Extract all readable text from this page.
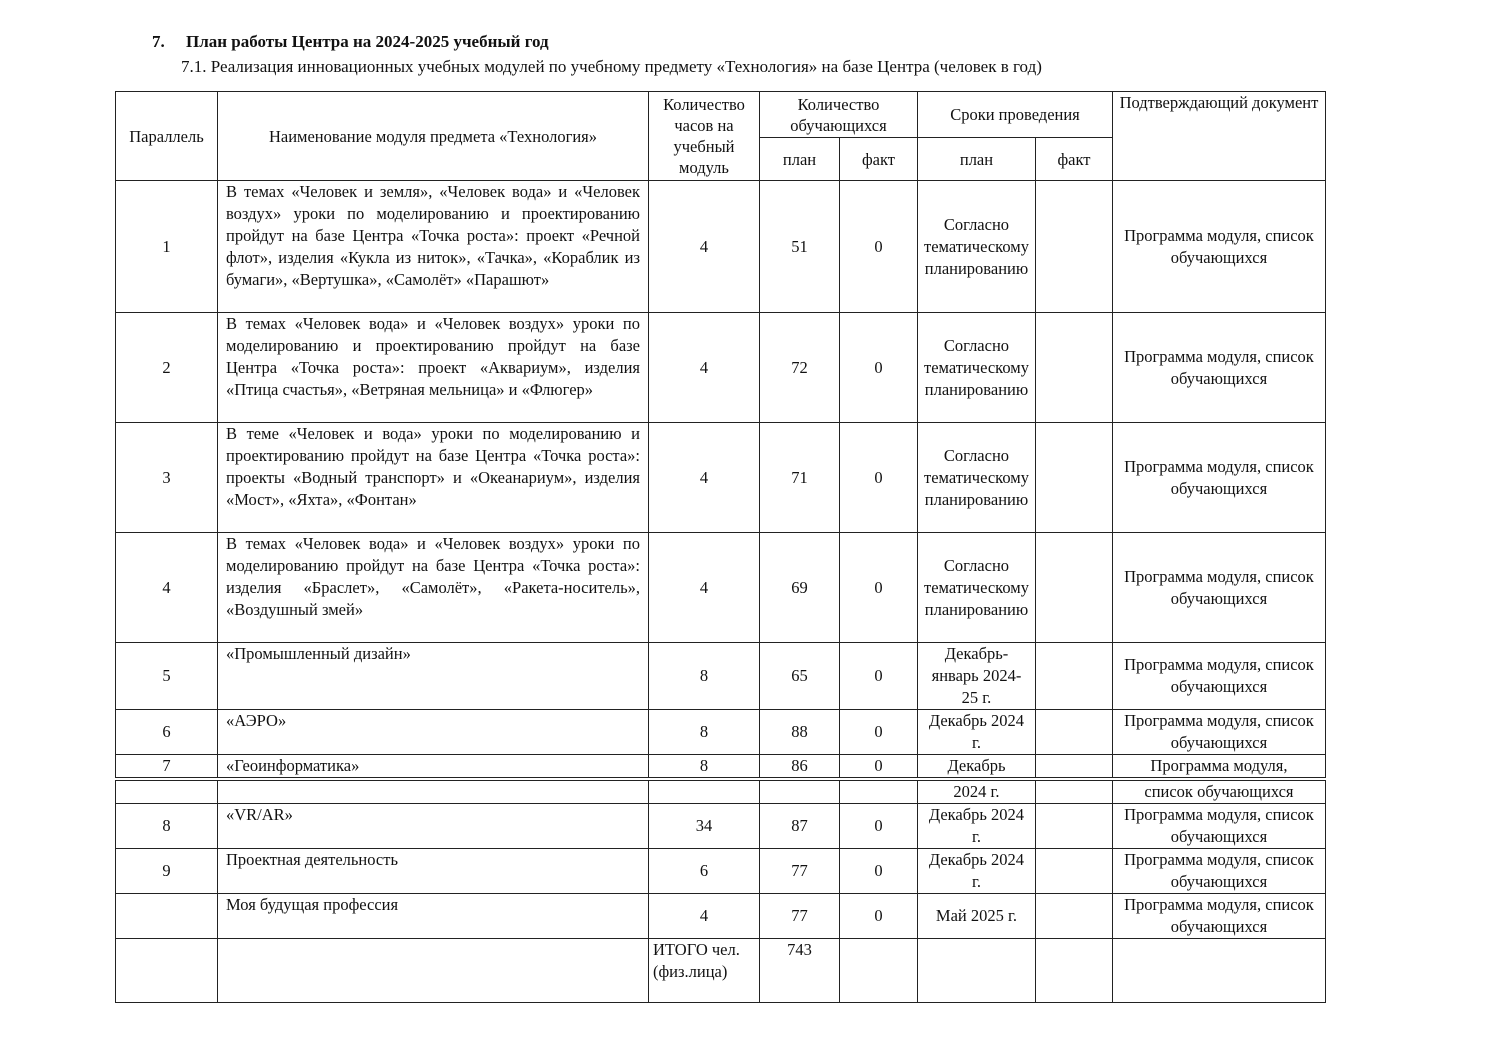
7. План работы Центра на 2024-2025 учебный год
7.1. Реализация инновационных учебных модулей по учебному предмету «Технология» на базе Центра (человек в год)
Параллель	Наименование модуля предмета «Технология»	Количество часов на учебный модуль	Количество обучающихся		Сроки проведения		Подтверждающий документ
			план	факт	план	факт	
1	В темах «Человек и земля», «Человек вода» и «Человек воздух» уроки по моделированию и проектированию пройдут на базе Центра «Точка роста»: проект «Речной флот», изделия «Кукла из ниток», «Тачка», «Кораблик из бумаги», «Вертушка», «Самолёт» «Парашют»	4	51	0	Согласно тематическому планированию		Программа модуля, список обучающихся
2	В темах «Человек вода» и «Человек воздух» уроки по моделированию и проектированию пройдут на базе Центра «Точка роста»: проект «Аквариум», изделия «Птица счастья», «Ветряная мельница» и «Флюгер»	4	72	0	Согласно тематическому планированию		Программа модуля, список обучающихся
3	В теме «Человек и вода» уроки по моделированию и проектированию пройдут на базе Центра «Точка роста»: проекты «Водный транспорт» и «Океанариум», изделия «Мост», «Яхта», «Фонтан»	4	71	0	Согласно тематическому планированию		Программа модуля, список обучающихся
4	В темах «Человек вода» и «Человек воздух» уроки по моделированию пройдут на базе Центра «Точка роста»: изделия «Браслет», «Самолёт», «Ракета-носитель», «Воздушный змей»	4	69	0	Согласно тематическому планированию		Программа модуля, список обучающихся
5	«Промышленный дизайн»	8	65	0	Декабрь-январь 2024-25 г.		Программа модуля, список обучающихся
6	«АЭРО»	8	88	0	Декабрь 2024 г.		Программа модуля, список обучающихся
7	«Геоинформатика»	8	86	0	Декабрь		Программа модуля,

					2024 г.		список обучающихся
8	«VR/AR»	34	87	0	Декабрь 2024 г.		Программа модуля, список обучающихся
9	Проектная деятельность	6	77	0	Декабрь 2024 г.		Программа модуля, список обучающихся
	Моя будущая профессия	4	77	0	Май 2025 г.		Программа модуля, список обучающихся
		ИТОГО чел. (физ.лица)	743				
